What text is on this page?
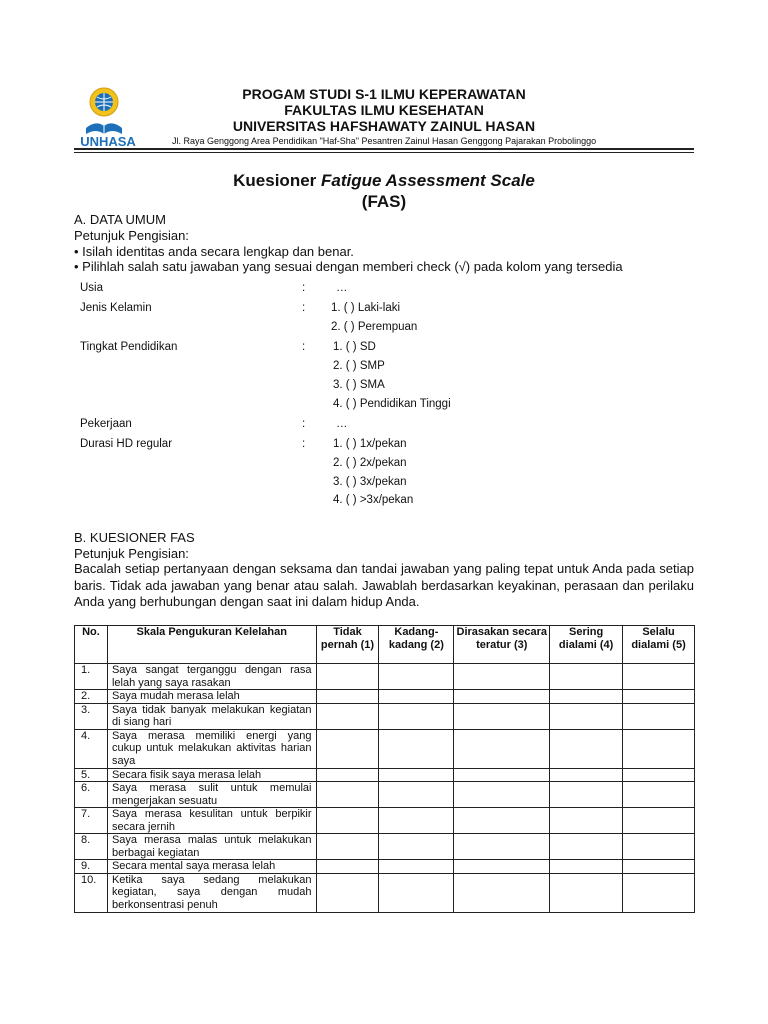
UNHASA
PROGAM STUDI S-1 ILMU KEPERAWATAN
FAKULTAS ILMU KESEHATAN
UNIVERSITAS HAFSHAWATY ZAINUL HASAN
Jl. Raya Genggong Area Pendidikan "Haf-Sha" Pesantren Zainul Hasan Genggong Pajarakan Probolinggo
Kuesioner Fatigue Assessment Scale
(FAS)
A. DATA UMUM
Petunjuk Pengisian:
• Isilah identitas anda secara lengkap dan benar.
• Pilihlah salah satu jawaban yang sesuai dengan memberi check (√) pada kolom yang tersedia
Usia	:	…
Jenis Kelamin	: 1. ( ) Laki-laki
2. ( ) Perempuan
Tingkat Pendidikan	: 1. ( ) SD
2. ( ) SMP
3. ( ) SMA
4. ( ) Pendidikan Tinggi
Pekerjaan	:	…
Durasi HD regular	: 1. ( ) 1x/pekan
2. ( ) 2x/pekan
3. ( ) 3x/pekan
4. ( ) >3x/pekan
B. KUESIONER FAS
Petunjuk Pengisian:
Bacalah setiap pertanyaan dengan seksama dan tandai jawaban yang paling tepat untuk Anda pada setiap baris. Tidak ada jawaban yang benar atau salah. Jawablah berdasarkan keyakinan, perasaan dan perilaku Anda yang berhubungan dengan saat ini dalam hidup Anda.
No.	Skala Pengukuran Kelelahan	Tidak pernah (1)	Kadang-kadang (2)	Dirasakan secara teratur (3)	Sering dialami (4)	Selalu dialami (5)
1.	Saya sangat terganggu dengan rasa lelah yang saya rasakan					
2.	Saya mudah merasa lelah					
3.	Saya tidak banyak melakukan kegiatan di siang hari					
4.	Saya merasa memiliki energi yang cukup untuk melakukan aktivitas harian saya					
5.	Secara fisik saya merasa lelah					
6.	Saya merasa sulit untuk memulai mengerjakan sesuatu					
7.	Saya merasa kesulitan untuk berpikir secara jernih					
8.	Saya merasa malas untuk melakukan berbagai kegiatan					
9.	Secara mental saya merasa lelah					
10.	Ketika saya sedang melakukan kegiatan, saya dengan mudah berkonsentrasi penuh					
